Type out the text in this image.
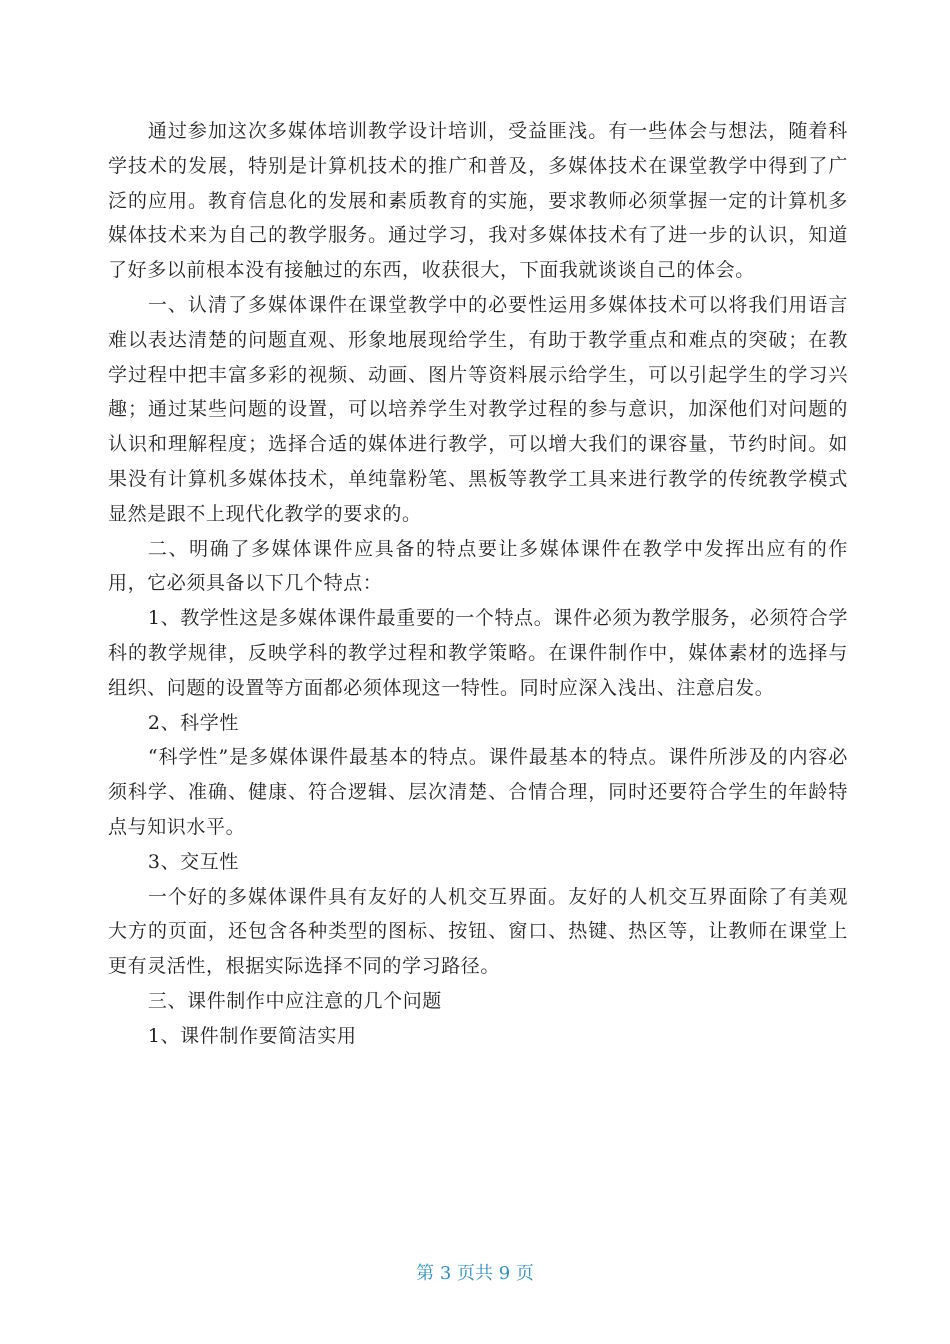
通过参加这次多媒体培训教学设计培训，受益匪浅。有一些体会与想法，随着科学技术的发展，特别是计算机技术的推广和普及，多媒体技术在课堂教学中得到了广泛的应用。教育信息化的发展和素质教育的实施，要求教师必须掌握一定的计算机多媒体技术来为自己的教学服务。通过学习，我对多媒体技术有了进一步的认识，知道了好多以前根本没有接触过的东西，收获很大，下面我就谈谈自己的体会。

一、认清了多媒体课件在课堂教学中的必要性运用多媒体技术可以将我们用语言难以表达清楚的问题直观、形象地展现给学生，有助于教学重点和难点的突破；在教学过程中把丰富多彩的视频、动画、图片等资料展示给学生，可以引起学生的学习兴趣；通过某些问题的设置，可以培养学生对教学过程的参与意识，加深他们对问题的认识和理解程度；选择合适的媒体进行教学，可以增大我们的课容量，节约时间。如果没有计算机多媒体技术，单纯靠粉笔、黑板等教学工具来进行教学的传统教学模式显然是跟不上现代化教学的要求的。

二、明确了多媒体课件应具备的特点要让多媒体课件在教学中发挥出应有的作用，它必须具备以下几个特点：

1、教学性这是多媒体课件最重要的一个特点。课件必须为教学服务，必须符合学科的教学规律，反映学科的教学过程和教学策略。在课件制作中，媒体素材的选择与组织、问题的设置等方面都必须体现这一特性。同时应深入浅出、注意启发。

2、科学性

“科学性”是多媒体课件最基本的特点。课件最基本的特点。课件所涉及的内容必须科学、准确、健康、符合逻辑、层次清楚、合情合理，同时还要符合学生的年龄特点与知识水平。

3、交互性

一个好的多媒体课件具有友好的人机交互界面。友好的人机交互界面除了有美观大方的页面，还包含各种类型的图标、按钮、窗口、热键、热区等，让教师在课堂上更有灵活性，根据实际选择不同的学习路径。

三、课件制作中应注意的几个问题

1、课件制作要简洁实用

第 3 页共 9 页
